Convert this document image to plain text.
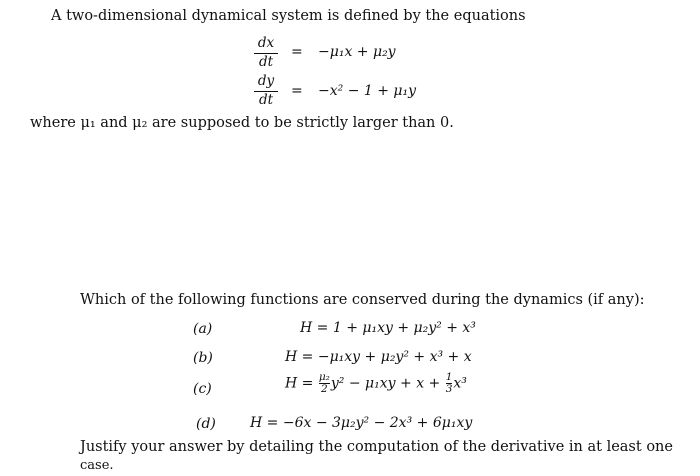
A two-dimensional dynamical system is defined by the equations
dx
dt
= −μ₁x + μ₂y
dy
dt
= −x² − 1 + μ₁y
where μ₁ and μ₂ are supposed to be strictly larger than 0.
Which of the following functions are conserved during the dynamics (if any):
(a)	H = 1 + μ₁xy + μ₂y² + x³
(b)	H = −μ₁xy + μ₂y² + x³ + x
(c)	$H = \frac{\text{μ₂}}{2} y^2 - \mu_1xy + x + \frac{1}{3} x^3$
(d) H = −6x − 3μ₂y² − 2x³ + 6μ₁xy
Justify your answer by detailing the computation of the derivative in at least one
case.
